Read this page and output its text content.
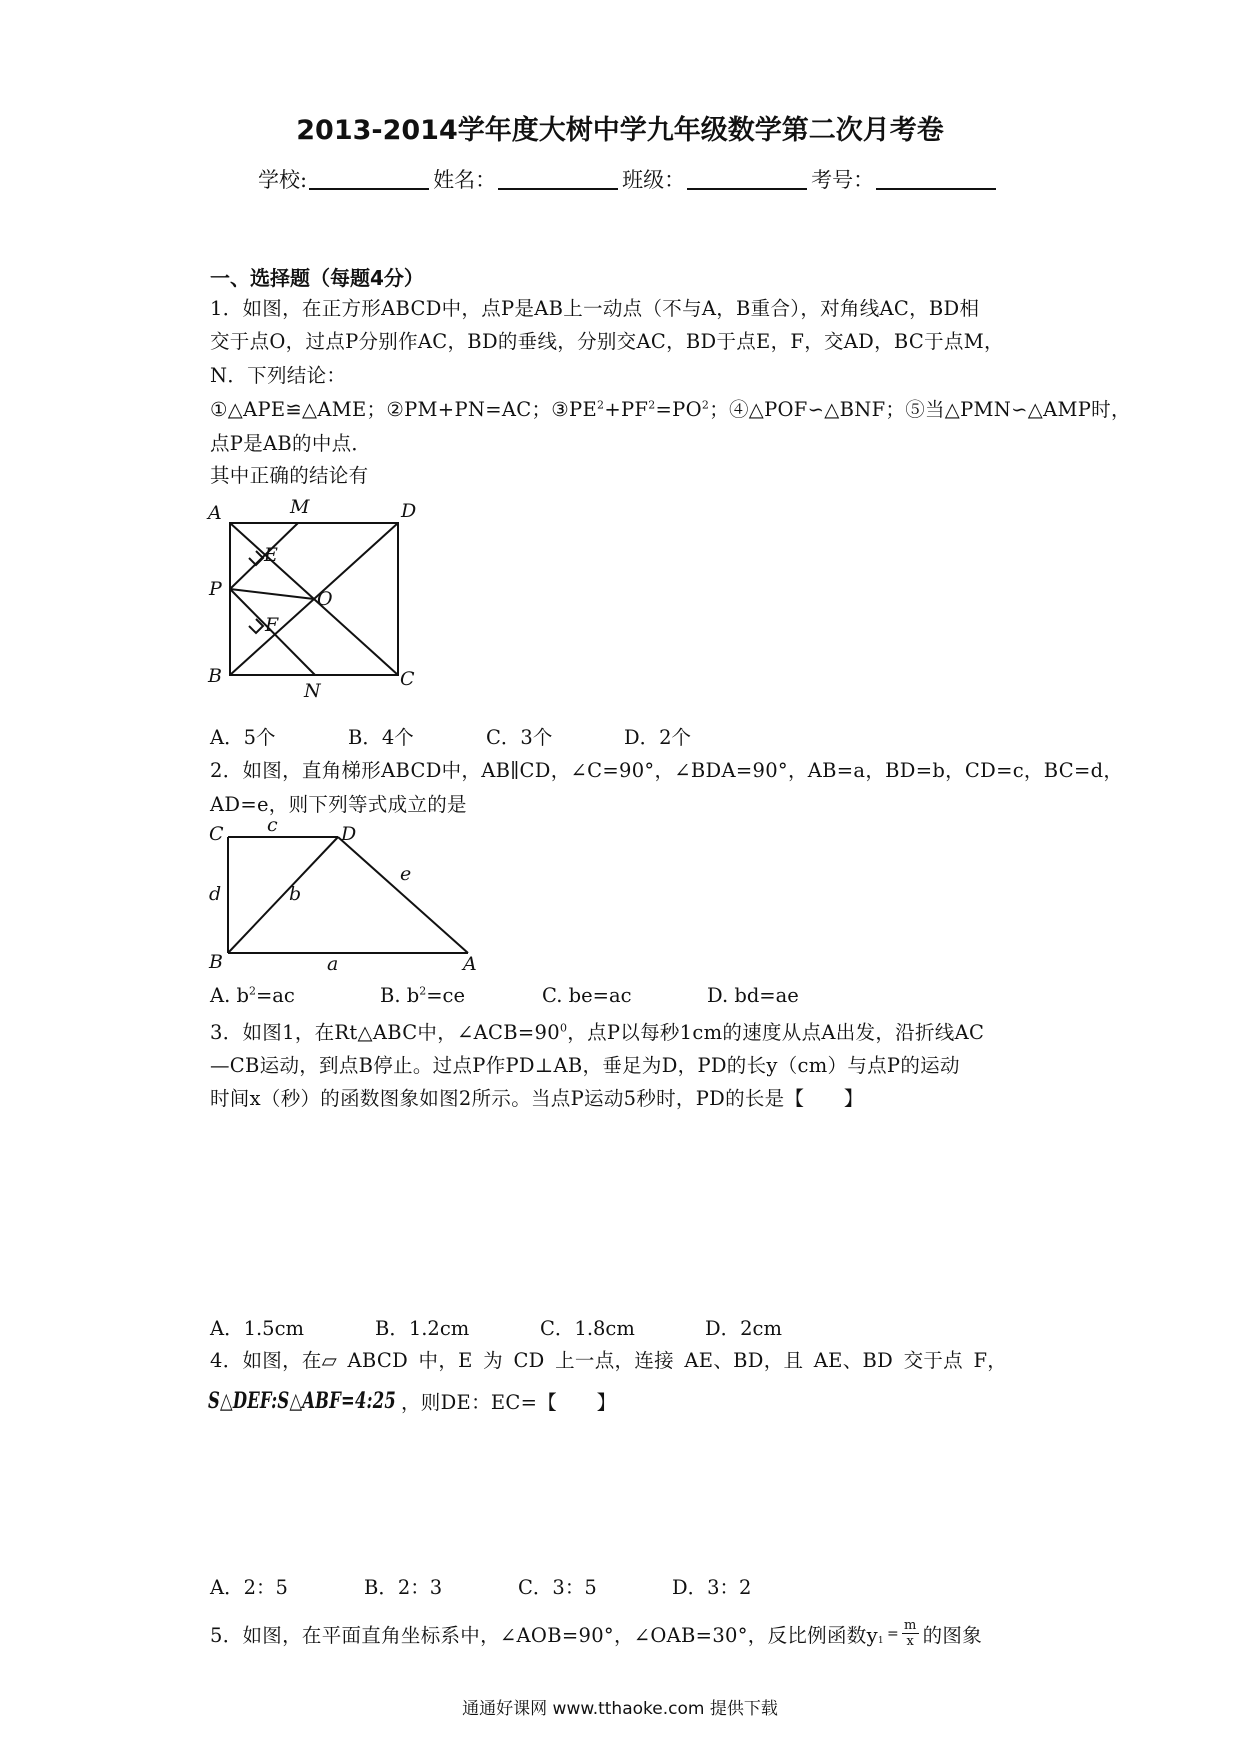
2013-2014学年度大树中学九年级数学第二次月考卷
学校:	姓名：	班级：	考号：
一、选择题（每题4分）
1．如图，在正方形ABCD中，点P是AB上一动点（不与A，B重合），对角线AC，BD相
交于点O，过点P分别作AC，BD的垂线，分别交AC，BD于点E，F，交AD，BC于点M，
N．下列结论：
①△APE≌△AME；②PM+PN=AC；$③PE^2+PF^2=PO^2$；④△POF∽△BNF；⑤当△PMN∽△AMP时，
点P是AB的中点．
其中正确的结论有
A	M	D
E
P	O
F
B
N
C
A．5个	B．4个	C．3个	D．2个
2．如图，直角梯形ABCD中，AB∥CD，∠C=90°，∠BDA=90°，AB=a，BD=b，CD=c，BC=d，
AD=e，则下列等式成立的是
C c	D
d	b
e
B	a	A
A. $b^2=ac$	B. $b^2=ce$	C. be=ac	D. bd=ae
3．如图1，在Rt△ABC中，$\angle ACB=90^0$，点P以每秒1cm的速度从点A出发，沿折线AC
—CB运动，到点B停止。过点P作PD⊥AB，垂足为D，PD的长y（cm）与点P的运动
时间x（秒）的函数图象如图2所示。当点P运动5秒时，PD的长是【　　】
A．1.5cm	B．1.2cm	C．1.8cm	D．2cm
4．如图，在▱ ABCD 中，E 为 CD 上一点，连接 AE、BD，且 AE、BD 交于点 F，
S△DEF:S△ABF=4:25 ，则DE：EC=【　　】
A．2：5	B．2：3	C．3：5	D．3：2
5．如图，在平面直角坐标系中，∠AOB=90°，∠OAB=30°，反比例函数y $1 = \frac{m}{x}$ 的图象
通通好课网 www.tthaoke.com 提供下载
